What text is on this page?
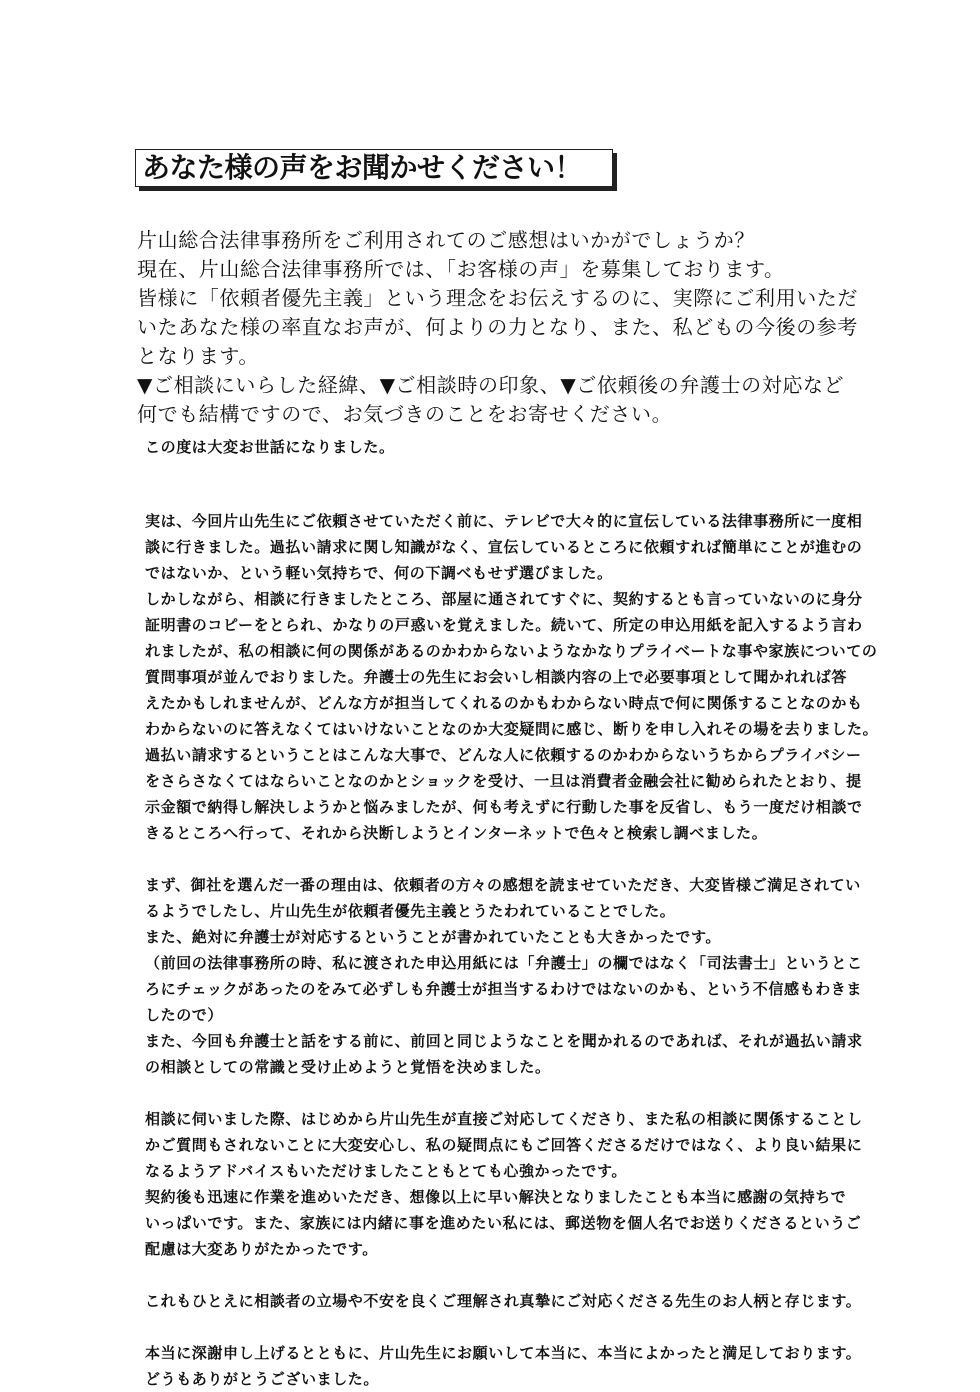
あなた様の声をお聞かせください！
片山総合法律事務所をご利用されてのご感想はいかがでしょうか？
現在、片山総合法律事務所では、「お客様の声」を募集しております。
皆様に「依頼者優先主義」という理念をお伝えするのに、実際にご利用いただ
いたあなた様の率直なお声が、何よりの力となり、また、私どもの今後の参考
となります。
▼ご相談にいらした経緯、▼ご相談時の印象、▼ご依頼後の弁護士の対応など
何でも結構ですので、お気づきのことをお寄せください。
この度は大変お世話になりました。
実は、今回片山先生にご依頼させていただく前に、テレビで大々的に宣伝している法律事務所に一度相
談に行きました。過払い請求に関し知識がなく、宣伝しているところに依頼すれば簡単にことが進むの
ではないか、という軽い気持ちで、何の下調べもせず選びました。
しかしながら、相談に行きましたところ、部屋に通されてすぐに、契約するとも言っていないのに身分
証明書のコピーをとられ、かなりの戸惑いを覚えました。続いて、所定の申込用紙を記入するよう言わ
れましたが、私の相談に何の関係があるのかわからないようなかなりプライベートな事や家族についての
質問事項が並んでおりました。弁護士の先生にお会いし相談内容の上で必要事項として聞かれれば答
えたかもしれませんが、どんな方が担当してくれるのかもわからない時点で何に関係することなのかも
わからないのに答えなくてはいけないことなのか大変疑問に感じ、断りを申し入れその場を去りました。
過払い請求するということはこんな大事で、どんな人に依頼するのかわからないうちからプライバシー
をさらさなくてはならいことなのかとショックを受け、一旦は消費者金融会社に勧められたとおり、提
示金額で納得し解決しようかと悩みましたが、何も考えずに行動した事を反省し、もう一度だけ相談で
きるところへ行って、それから決断しようとインターネットで色々と検索し調べました。
まず、御社を選んだ一番の理由は、依頼者の方々の感想を読ませていただき、大変皆様ご満足されてい
るようでしたし、片山先生が依頼者優先主義とうたわれていることでした。
また、絶対に弁護士が対応するということが書かれていたことも大きかったです。
（前回の法律事務所の時、私に渡された申込用紙には「弁護士」の欄ではなく「司法書士」というとこ
ろにチェックがあったのをみて必ずしも弁護士が担当するわけではないのかも、という不信感もわきま
したので）
また、今回も弁護士と話をする前に、前回と同じようなことを聞かれるのであれば、それが過払い請求
の相談としての常識と受け止めようと覚悟を決めました。
相談に伺いました際、はじめから片山先生が直接ご対応してくださり、また私の相談に関係することし
かご質問もされないことに大変安心し、私の疑問点にもご回答くださるだけではなく、より良い結果に
なるようアドバイスもいただけましたこともとても心強かったです。
契約後も迅速に作業を進めいただき、想像以上に早い解決となりましたことも本当に感謝の気持ちで
いっぱいです。また、家族には内緒に事を進めたい私には、郵送物を個人名でお送りくださるというご
配慮は大変ありがたかったです。
これもひとえに相談者の立場や不安を良くご理解され真摯にご対応くださる先生のお人柄と存じます。
本当に深謝申し上げるとともに、片山先生にお願いして本当に、本当によかったと満足しております。
どうもありがとうございました。
